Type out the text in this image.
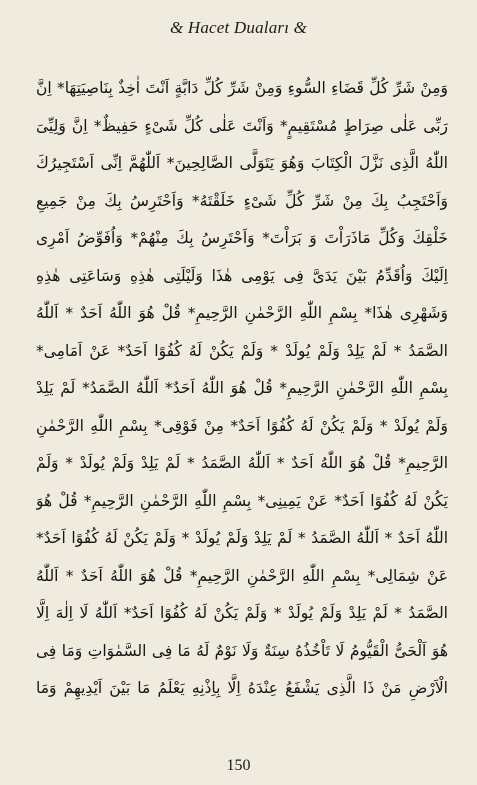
& Hacet Duaları &
وَمِنْ شَرِّ كُلِّ قَضَاءِ السُّوءِ وَمِنْ شَرِّ كُلِّ دَابَّةٍ اَنْتَ اٰخِذٌ بِنَاصِيَتِهَا* اِنَّ
رَبِّى عَلٰى صِرَاطٍ مُسْتَقِيمٍ* وَاَنْتَ عَلٰى كُلِّ شَىْءٍ حَفِيظٌ* اِنَّ وَلِيِّىَ
اللّٰهُ الَّذِى نَزَّلَ الْكِتَابَ وَهُوَ يَتَوَلَّى الصَّالِحِينَ* اَللّٰهُمَّ اِنِّى اَسْتَجِيرُكَ
وَاَحْتَجِبُ بِكَ مِنْ شَرِّ كُلِّ شَىْءٍ خَلَقْتَهُ* وَاَحْتَرِسُ بِكَ مِنْ جَمِيعِ
خَلْقِكَ وَكُلِّ مَاذَرَاْتَ وَ بَرَاْتَ* وَاَحْتَرِسُ بِكَ مِنْهُمْ* وَاُفَوِّضُ اَمْرِى
اِلَيْكَ وَاُقَدِّمُ بَيْنَ يَدَىَّ فِى يَوْمِى هٰذَا وَلَيْلَتِى هٰذِهِ وَسَاعَتِى هٰذِهِ
وَشَهْرِى هٰذَا* بِسْمِ اللّٰهِ الرَّحْمٰنِ الرَّحِيمِ* قُلْ هُوَ اللّٰهُ اَحَدٌ * اَللّٰهُ
الصَّمَدُ * لَمْ يَلِدْ وَلَمْ يُولَدْ * وَلَمْ يَكُنْ لَهُ كُفُوًا اَحَدٌ* عَنْ اَمَامِى*
بِسْمِ اللّٰهِ الرَّحْمٰنِ الرَّحِيمِ* قُلْ هُوَ اللّٰهُ اَحَدٌ* اَللّٰهُ الصَّمَدُ* لَمْ يَلِدْ
وَلَمْ يُولَدْ * وَلَمْ يَكُنْ لَهُ كُفُوًا اَحَدٌ* مِنْ فَوْقِى* بِسْمِ اللّٰهِ الرَّحْمٰنِ
الرَّحِيمِ* قُلْ هُوَ اللّٰهُ اَحَدٌ * اَللّٰهُ الصَّمَدُ * لَمْ يَلِدْ وَلَمْ يُولَدْ * وَلَمْ
يَكُنْ لَهُ كُفُوًا اَحَدٌ* عَنْ يَمِينِى* بِسْمِ اللّٰهِ الرَّحْمٰنِ الرَّحِيمِ* قُلْ هُوَ
اللّٰهُ اَحَدٌ * اَللّٰهُ الصَّمَدُ * لَمْ يَلِدْ وَلَمْ يُولَدْ * وَلَمْ يَكُنْ لَهُ كُفُوًا اَحَدٌ*
عَنْ شِمَالِى* بِسْمِ اللّٰهِ الرَّحْمٰنِ الرَّحِيمِ* قُلْ هُوَ اللّٰهُ اَحَدٌ * اَللّٰهُ
الصَّمَدُ * لَمْ يَلِدْ وَلَمْ يُولَدْ * وَلَمْ يَكُنْ لَهُ كُفُوًا اَحَدٌ* اَللّٰهُ لَا اِلٰهَ اِلَّا
هُوَ اَلْحَىُّ الْقَيُّومُ لَا تَاْخُذُهُ سِنَةٌ وَلَا نَوْمٌ لَهُ مَا فِى السَّمٰوَاتِ وَمَا فِى
الْاَرْضِ مَنْ ذَا الَّذِى يَشْفَعُ عِنْدَهُ اِلَّا بِاِذْنِهِ يَعْلَمُ مَا بَيْنَ اَيْدِيهِمْ وَمَا
150
